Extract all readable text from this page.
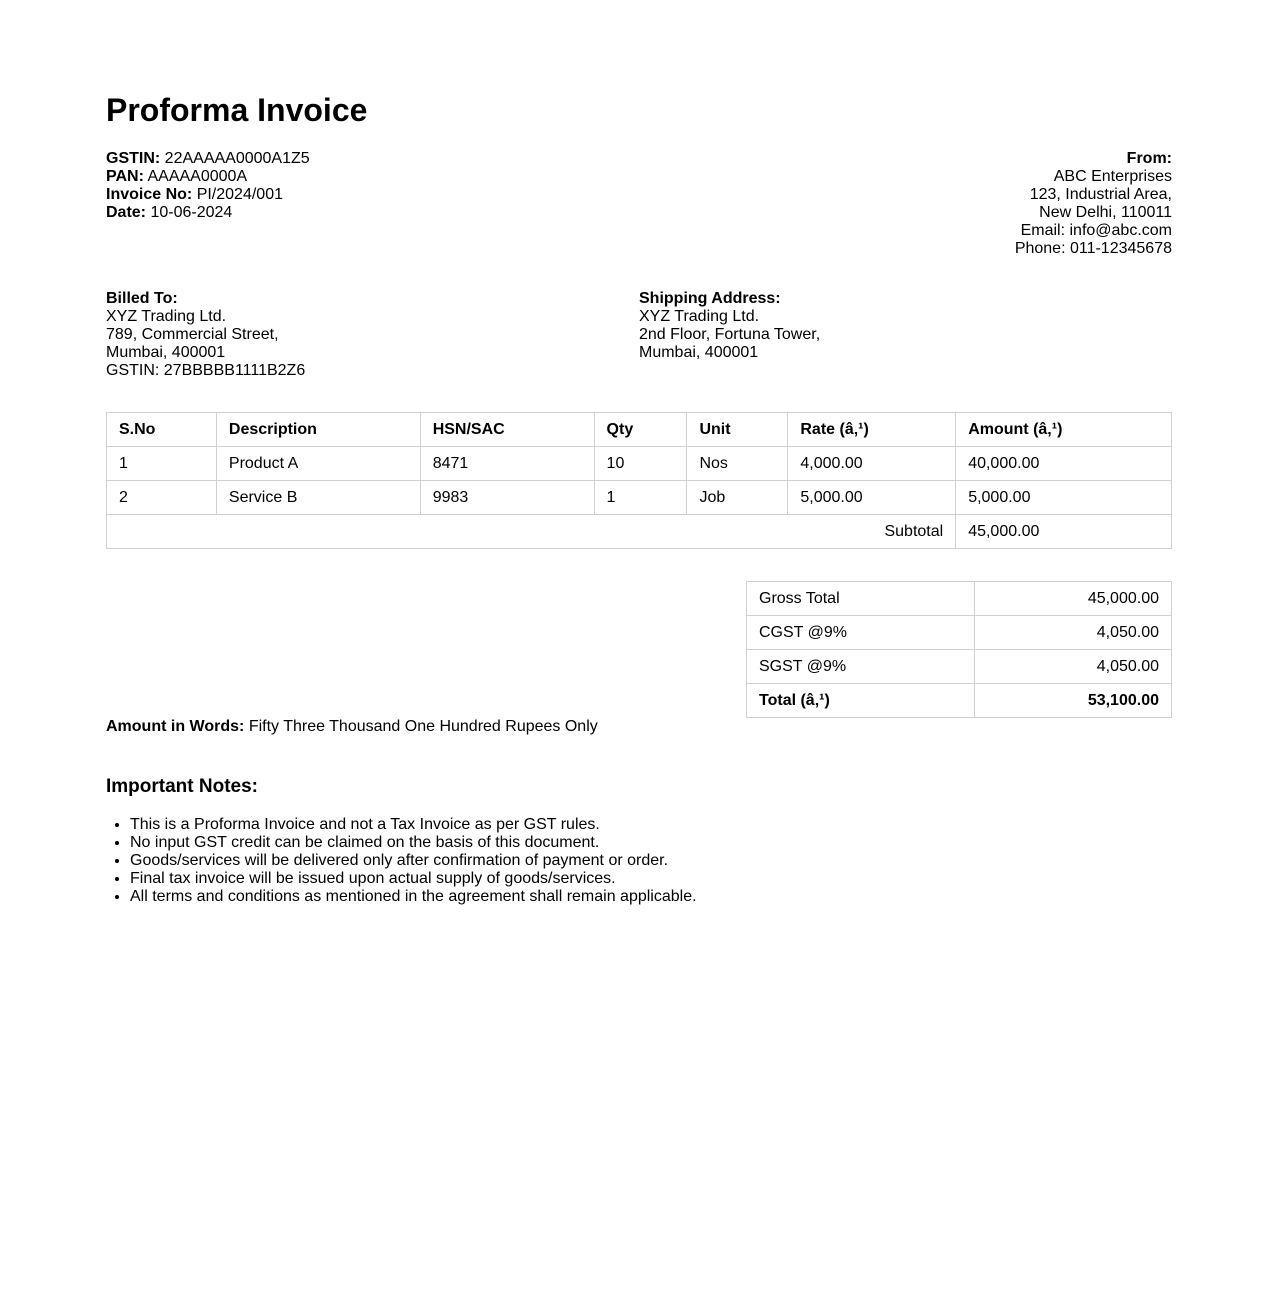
Proforma Invoice
GSTIN: 22AAAAA0000A1Z5
PAN: AAAAA0000A
Invoice No: PI/2024/001
Date: 10-06-2024
From:
ABC Enterprises
123, Industrial Area,
New Delhi, 110011
Email: info@abc.com
Phone: 011-12345678
Billed To:
XYZ Trading Ltd.
789, Commercial Street,
Mumbai, 400001
GSTIN: 27BBBBB1111B2Z6
Shipping Address:
XYZ Trading Ltd.
2nd Floor, Fortuna Tower,
Mumbai, 400001
S.No	Description	HSN/SAC	Qty	Unit	Rate (â‚¹)	Amount (â‚¹)
1	Product A	8471	10	Nos	4,000.00	40,000.00
2	Service B	9983	1	Job	5,000.00	5,000.00
Subtotal						45,000.00
Gross Total	45,000.00
CGST @9%	4,050.00
SGST @9%	4,050.00
Total (â‚¹)	53,100.00
Amount in Words: Fifty Three Thousand One Hundred Rupees Only
Important Notes:
• This is a Proforma Invoice and not a Tax Invoice as per GST rules.
• No input GST credit can be claimed on the basis of this document.
• Goods/services will be delivered only after confirmation of payment or order.
• Final tax invoice will be issued upon actual supply of goods/services.
• All terms and conditions as mentioned in the agreement shall remain applicable.
